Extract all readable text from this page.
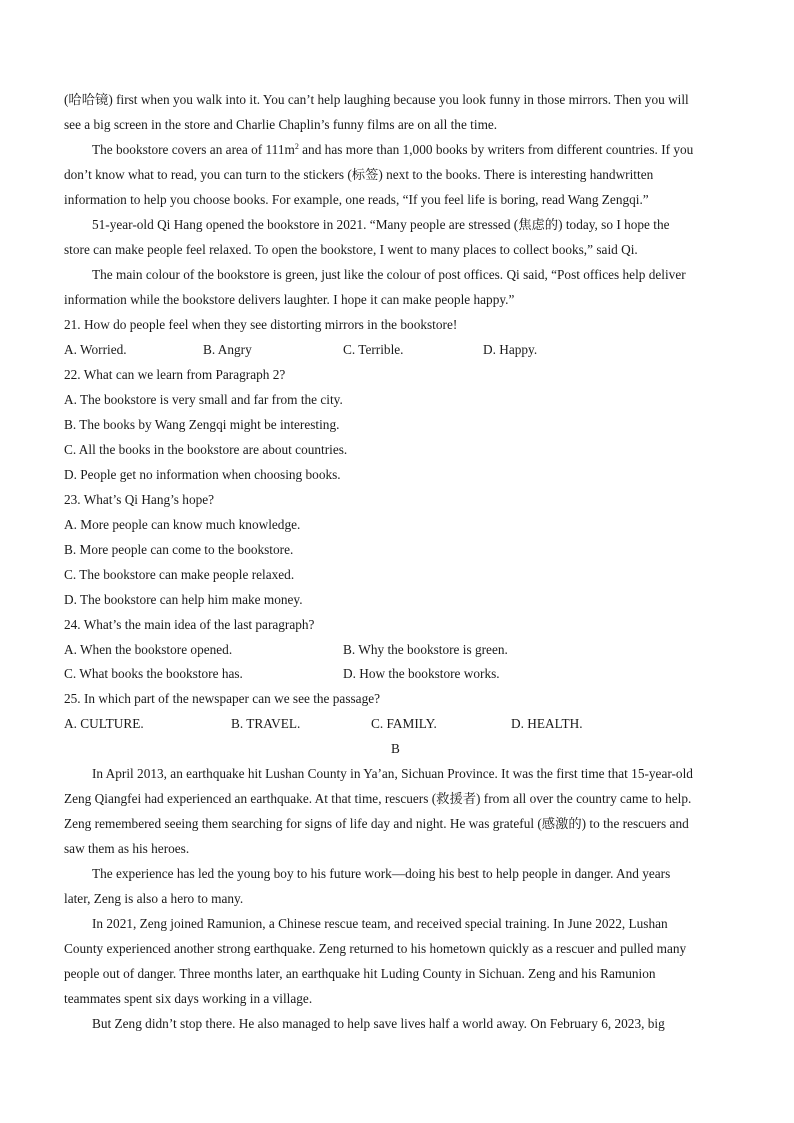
(哈哈镜) first when you walk into it. You can’t help laughing because you look funny in those mirrors. Then you will
see a big screen in the store and Charlie Chaplin’s funny films are on all the time.
The bookstore covers an area of $111m^2$ and has more than 1,000 books by writers from different countries. If you
don’t know what to read, you can turn to the stickers (标签) next to the books. There is interesting handwritten
information to help you choose books. For example, one reads, “If you feel life is boring, read Wang Zengqi.”
51-year-old Qi Hang opened the bookstore in 2021. “Many people are stressed (焦虑的) today, so I hope the
store can make people feel relaxed. To open the bookstore, I went to many places to collect books,” said Qi.
The main colour of the bookstore is green, just like the colour of post offices. Qi said, “Post offices help deliver
information while the bookstore delivers laughter. I hope it can make people happy.”
21. How do people feel when they see distorting mirrors in the bookstore!
A. Worried.	B. Angry	C. Terrible.	D. Happy.
22. What can we learn from Paragraph 2?
A. The bookstore is very small and far from the city.
B. The books by Wang Zengqi might be interesting.
C. All the books in the bookstore are about countries.
D. People get no information when choosing books.
23. What’s Qi Hang’s hope?
A. More people can know much knowledge.
B. More people can come to the bookstore.
C. The bookstore can make people relaxed.
D. The bookstore can help him make money.
24. What’s the main idea of the last paragraph?
A. When the bookstore opened.	B. Why the bookstore is green.
C. What books the bookstore has.	D. How the bookstore works.
25. In which part of the newspaper can we see the passage?
A. CULTURE.	B. TRAVEL.	C. FAMILY.	D. HEALTH.
B
In April 2013, an earthquake hit Lushan County in Ya’an, Sichuan Province. It was the first time that 15-year-old
Zeng Qiangfei had experienced an earthquake. At that time, rescuers (救援者) from all over the country came to help.
Zeng remembered seeing them searching for signs of life day and night. He was grateful (感激的) to the rescuers and
saw them as his heroes.
The experience has led the young boy to his future work—doing his best to help people in danger. And years
later, Zeng is also a hero to many.
In 2021, Zeng joined Ramunion, a Chinese rescue team, and received special training. In June 2022, Lushan
County experienced another strong earthquake. Zeng returned to his hometown quickly as a rescuer and pulled many
people out of danger. Three months later, an earthquake hit Luding County in Sichuan. Zeng and his Ramunion
teammates spent six days working in a village.
But Zeng didn’t stop there. He also managed to help save lives half a world away. On February 6, 2023, big
